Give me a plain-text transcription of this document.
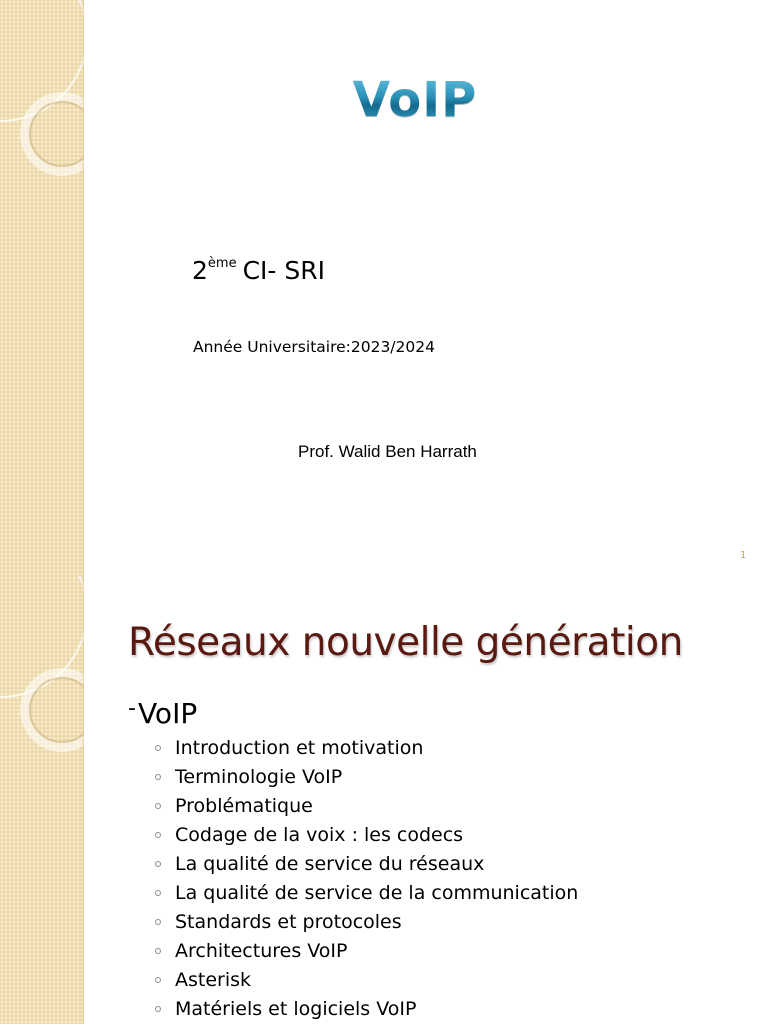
VoIP
2ème CI- SRI
Année Universitaire:2023/2024
Prof. Walid Ben Harrath
1
Réseaux nouvelle génération
-VoIP
Introduction et motivation
Terminologie VoIP
Problématique
Codage de la voix : les codecs
La qualité de service du réseaux
La qualité de service de la communication
Standards et protocoles
Architectures VoIP
Asterisk
Matériels et logiciels VoIP
